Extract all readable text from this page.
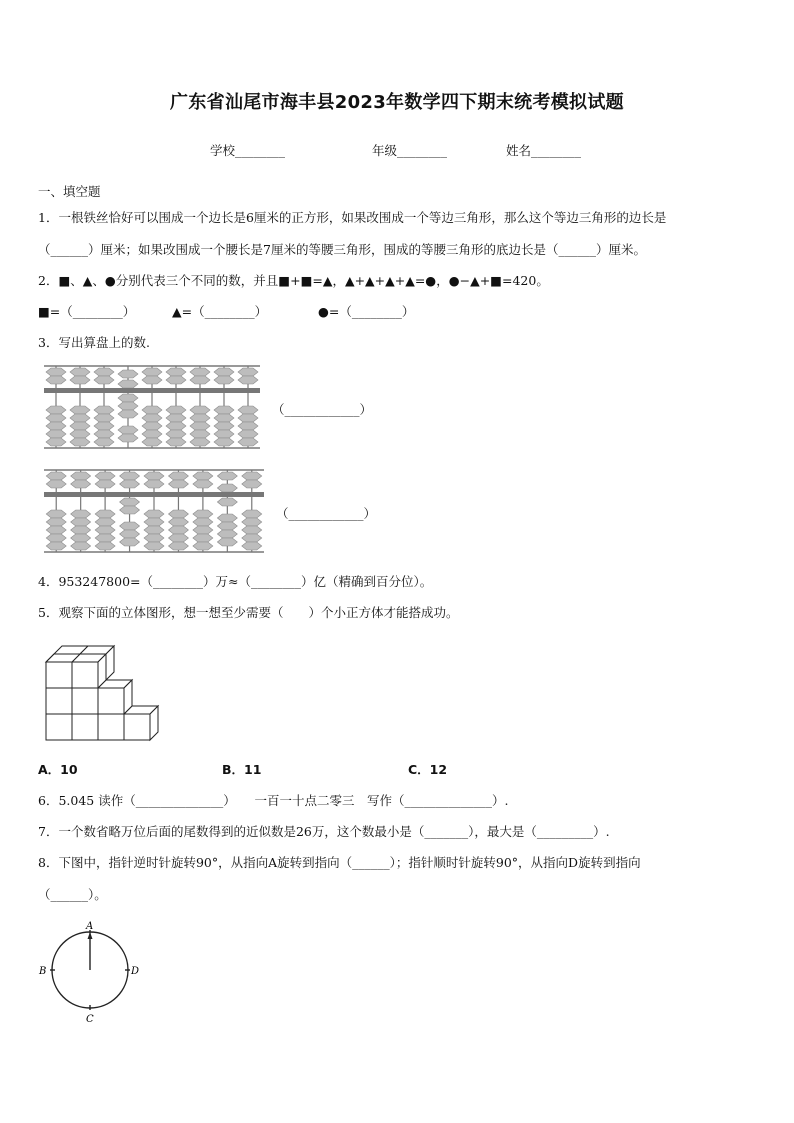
广东省汕尾市海丰县2023年数学四下期末统考模拟试题
学校________	年级________	姓名________
一、填空题
1．一根铁丝恰好可以围成一个边长是6厘米的正方形，如果改围成一个等边三角形，那么这个等边三角形的边长是
（______）厘米；如果改围成一个腰长是7厘米的等腰三角形，围成的等腰三角形的底边长是（______）厘米。
2．■、▲、●分别代表三个不同的数，并且■+■=▲，▲+▲+▲+▲=●，●−▲+■=420。
■=（________）	▲=（________）	●=（________）
3．写出算盘上的数.
（____________）
（____________）
4．953247800=（________）万≈（________）亿（精确到百分位）。
5．观察下面的立体图形，想一想至少需要（　　）个小正方体才能搭成功。
A．10	B．11	C．12
6．5.045 读作（______________）　　一百一十点二零三　写作（______________）.
7．一个数省略万位后面的尾数得到的近似数是26万，这个数最小是（_______），最大是（_________）.
8．下图中，指针逆时针旋转90°，从指向A旋转到指向（______）；指针顺时针旋转90°，从指向D旋转到指向
（______）。
A
B
C
D
